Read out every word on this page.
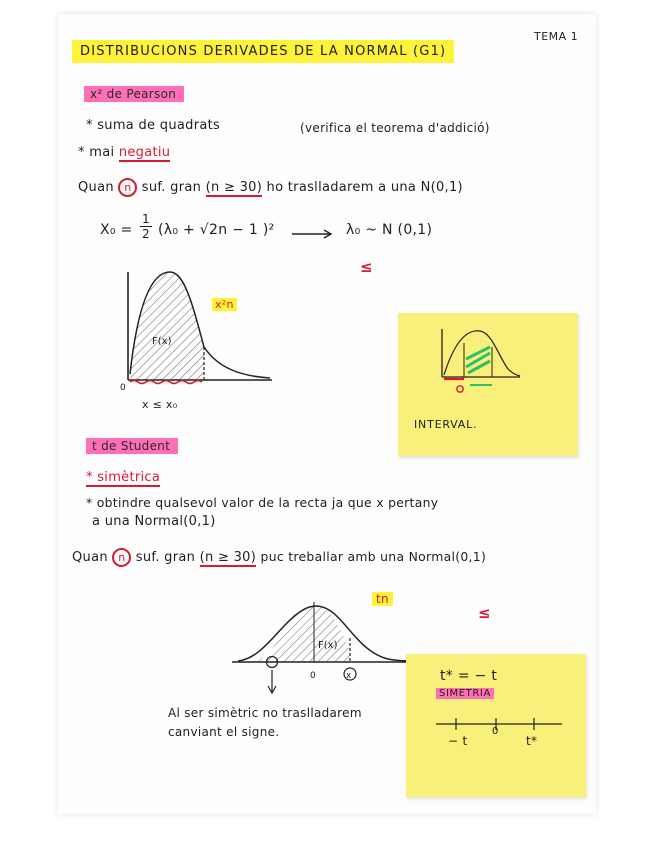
TEMA 1
DISTRIBUCIONS DERIVADES DE LA NORMAL (G1)
x² de Pearson
* suma de quadrats	(verifica el teorema d'addició)
* mai negatiu
Quan n suf. gran (n ≥ 30) ho traslladarem a una N(0,1)
$X_0 = \frac{1}{2} (\lambda_0 + √2n - 1$ )²	λ₀ ~ N (0,1)
≤
F(x)
0
x ≤ x₀
x²n
INTERVAL.
t de Student
* simètrica
* obtindre qualsevol valor de la recta ja que x pertany
a una Normal(0,1)
Quan n suf. gran (n ≥ 30) puc treballar amb una Normal(0,1)
tn
≤
F(x)
0	x
Al ser simètric no traslladarem
canviant el signe.
t* = − t
SIMETRIA
− t
0
t*
